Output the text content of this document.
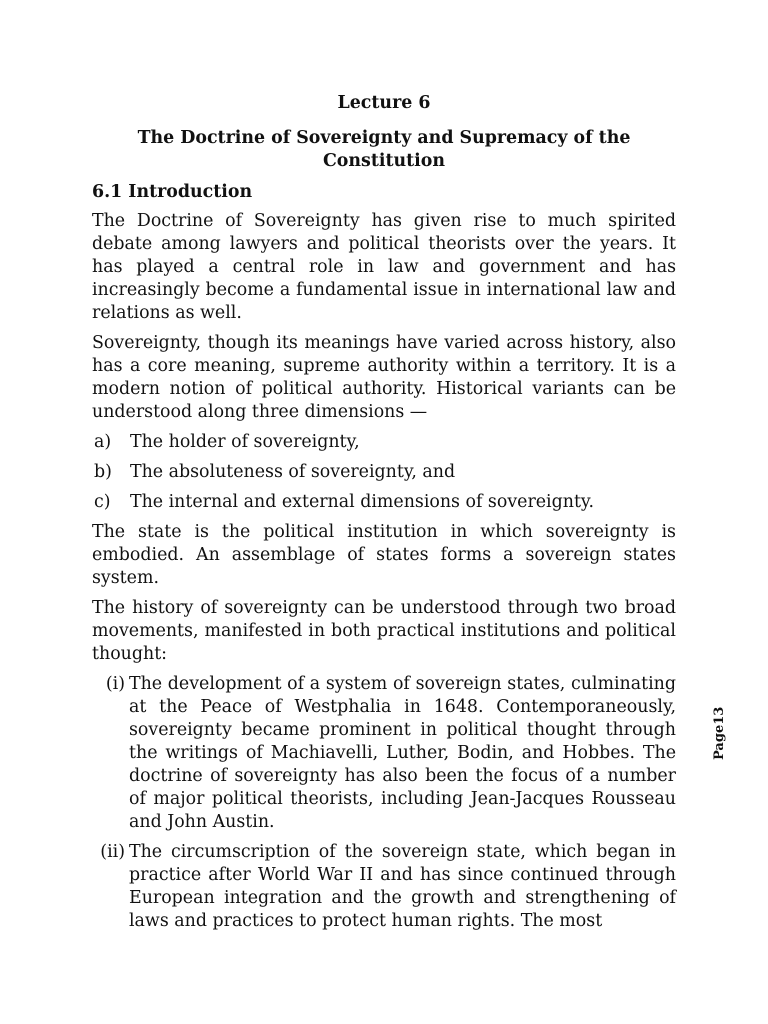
Lecture 6
The Doctrine of Sovereignty and Supremacy of the
Constitution
6.1 Introduction

The Doctrine of Sovereignty has given rise to much spirited debate among lawyers and political theorists over the years. It has played a central role in law and government and has increasingly become a fundamental issue in international law and relations as well.

Sovereignty, though its meanings have varied across history, also has a core meaning, supreme authority within a territory. It is a modern notion of political authority. Historical variants can be understood along three dimensions —

a)	The holder of sovereignty,
b)	The absoluteness of sovereignty, and
c)	The internal and external dimensions of sovereignty.

The state is the political institution in which sovereignty is embodied. An assemblage of states forms a sovereign states system.

The history of sovereignty can be understood through two broad movements, manifested in both practical institutions and political thought:

(i) The development of a system of sovereign states, culminating at the Peace of Westphalia in 1648. Contemporaneously, sovereignty became prominent in political thought through the writings of Machiavelli, Luther, Bodin, and Hobbes. The doctrine of sovereignty has also been the focus of a number of major political theorists, including Jean-Jacques Rousseau and John Austin.
(ii) The circumscription of the sovereign state, which began in practice after World War II and has since continued through European integration and the growth and strengthening of laws and practices to protect human rights. The most
Page13
